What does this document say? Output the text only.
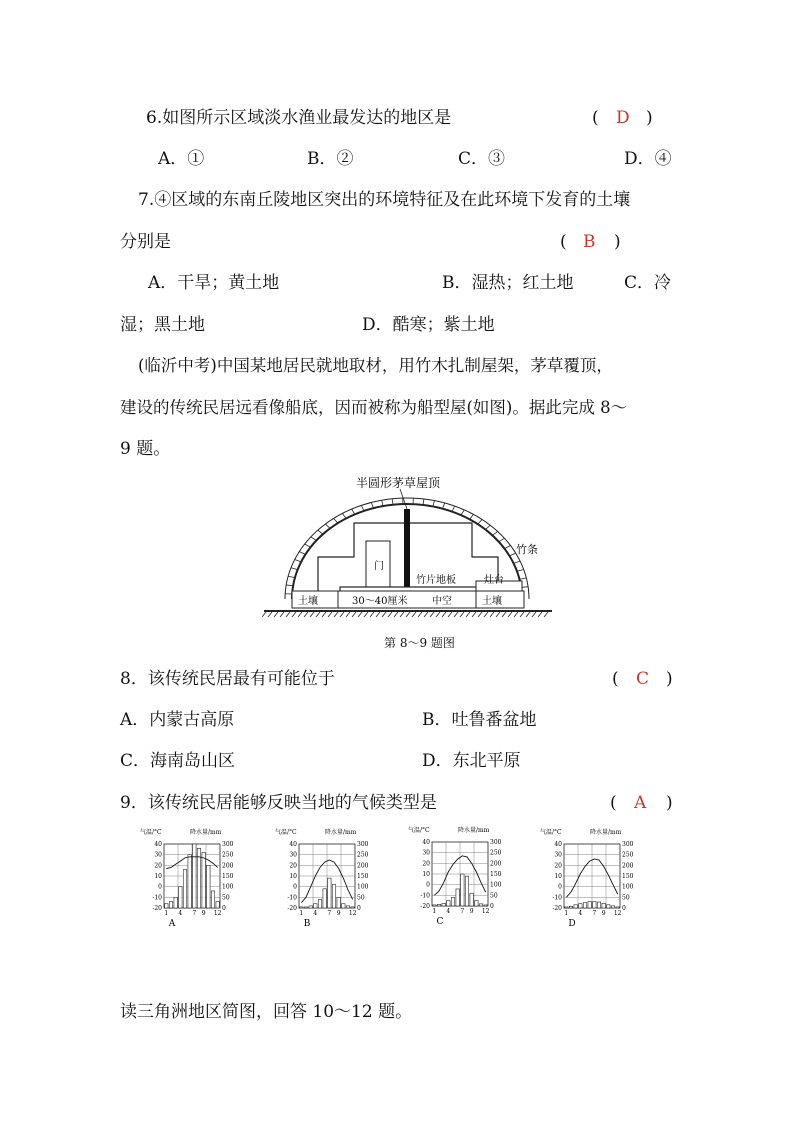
6.如图所示区域淡水渔业最发达的地区是	( D )
A．①	B．②	C．③	D．④
7.④区域的东南丘陵地区突出的环境特征及在此环境下发育的土壤
分别是	( B )
A．干旱；黄土地	B．湿热；红土地	C．冷
湿；黑土地	D．酷寒；紫土地
(临沂中考)中国某地居民就地取材，用竹木扎制屋架，茅草覆顶，
建设的传统民居远看像船底，因而被称为船型屋(如图)。据此完成 8～
9 题。
门
半圆形茅草屋顶
竹条
竹片地板	灶台
土壤	土壤
30～40厘米 中空
第 8～9 题图
8．该传统民居最有可能位于	( C )
A．内蒙古高原	B．吐鲁番盆地
C．海南岛山区	D．东北平原
9．该传统民居能够反映当地的气候类型是	( A )
气温/°C	降水量/mm
40
30
20
10
0
-10
-20
300
250
200
150
100
50
0
1 4 7 9 12
A
气温/°C	降水量/mm
40
30
20
10
0
-10
-20
300
250
200
150
100
50
0
1 4 7 9 12
B
气温/°C	降水量/mm
40
30
20
10
0
-10
-20
300
250
200
150
100
50
0
1 4 7 9 12
C
气温/°C	降水量/mm
40
30
20
10
0
-10
-20
300
250
200
150
100
50
0
1 4 7 9 12
D
读三角洲地区简图，回答 10～12 题。
